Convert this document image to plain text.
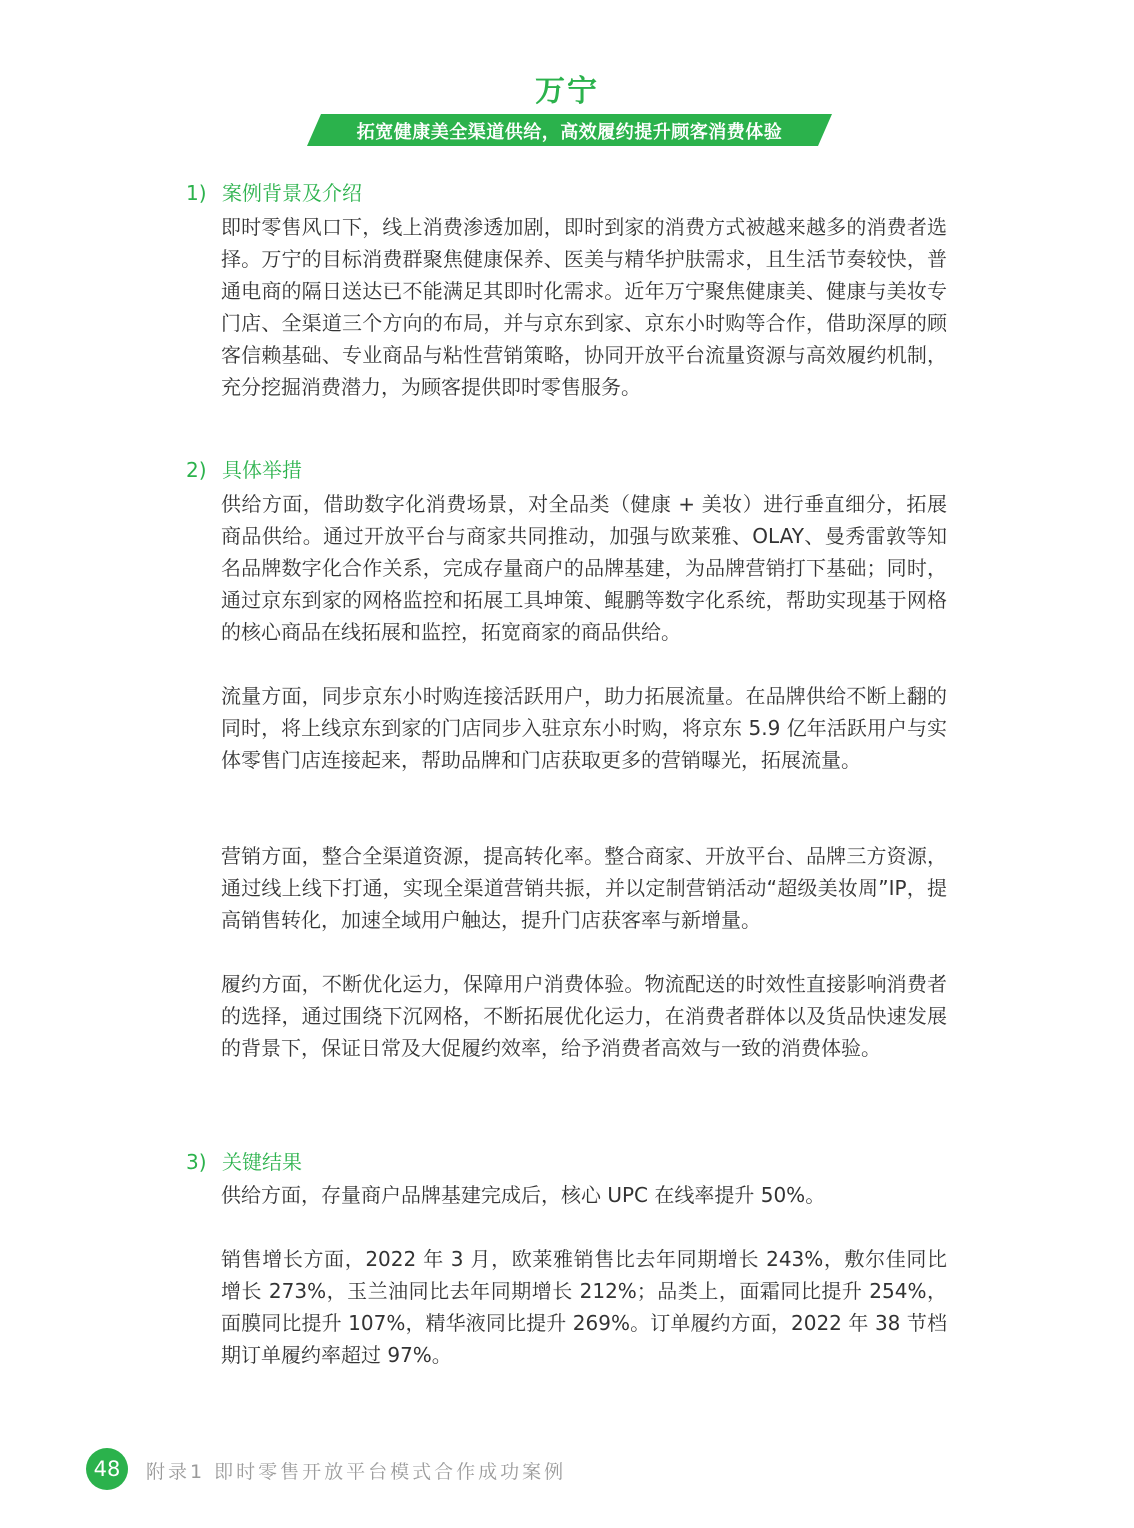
万宁
拓宽健康美全渠道供给，高效履约提升顾客消费体验
1) 案例背景及介绍

即时零售风口下，线上消费渗透加剧，即时到家的消费方式被越来越多的消费者选择。万宁的目标消费群聚焦健康保养、医美与精华护肤需求，且生活节奏较快，普通电商的隔日送达已不能满足其即时化需求。近年万宁聚焦健康美、健康与美妆专门店、全渠道三个方向的布局，并与京东到家、京东小时购等合作，借助深厚的顾客信赖基础、专业商品与粘性营销策略，协同开放平台流量资源与高效履约机制，充分挖掘消费潜力，为顾客提供即时零售服务。

2) 具体举措

供给方面，借助数字化消费场景，对全品类（健康 + 美妆）进行垂直细分，拓展商品供给。通过开放平台与商家共同推动，加强与欧莱雅、OLAY、曼秀雷敦等知名品牌数字化合作关系，完成存量商户的品牌基建，为品牌营销打下基础；同时，通过京东到家的网格监控和拓展工具坤策、鲲鹏等数字化系统，帮助实现基于网格的核心商品在线拓展和监控，拓宽商家的商品供给。

流量方面，同步京东小时购连接活跃用户，助力拓展流量。在品牌供给不断上翻的同时，将上线京东到家的门店同步入驻京东小时购，将京东 5.9 亿年活跃用户与实体零售门店连接起来，帮助品牌和门店获取更多的营销曝光，拓展流量。

营销方面，整合全渠道资源，提高转化率。整合商家、开放平台、品牌三方资源，通过线上线下打通，实现全渠道营销共振，并以定制营销活动“超级美妆周”IP，提高销售转化，加速全域用户触达，提升门店获客率与新增量。

履约方面，不断优化运力，保障用户消费体验。物流配送的时效性直接影响消费者的选择，通过围绕下沉网格，不断拓展优化运力，在消费者群体以及货品快速发展的背景下，保证日常及大促履约效率，给予消费者高效与一致的消费体验。

3) 关键结果

供给方面，存量商户品牌基建完成后，核心 UPC 在线率提升 50%。

销售增长方面，2022 年 3 月，欧莱雅销售比去年同期增长 243%，敷尔佳同比增长 273%，玉兰油同比去年同期增长 212%；品类上，面霜同比提升 254%，面膜同比提升 107%，精华液同比提升 269%。订单履约方面，2022 年 38 节档期订单履约率超过 97%。

48	附录1 即时零售开放平台模式合作成功案例
